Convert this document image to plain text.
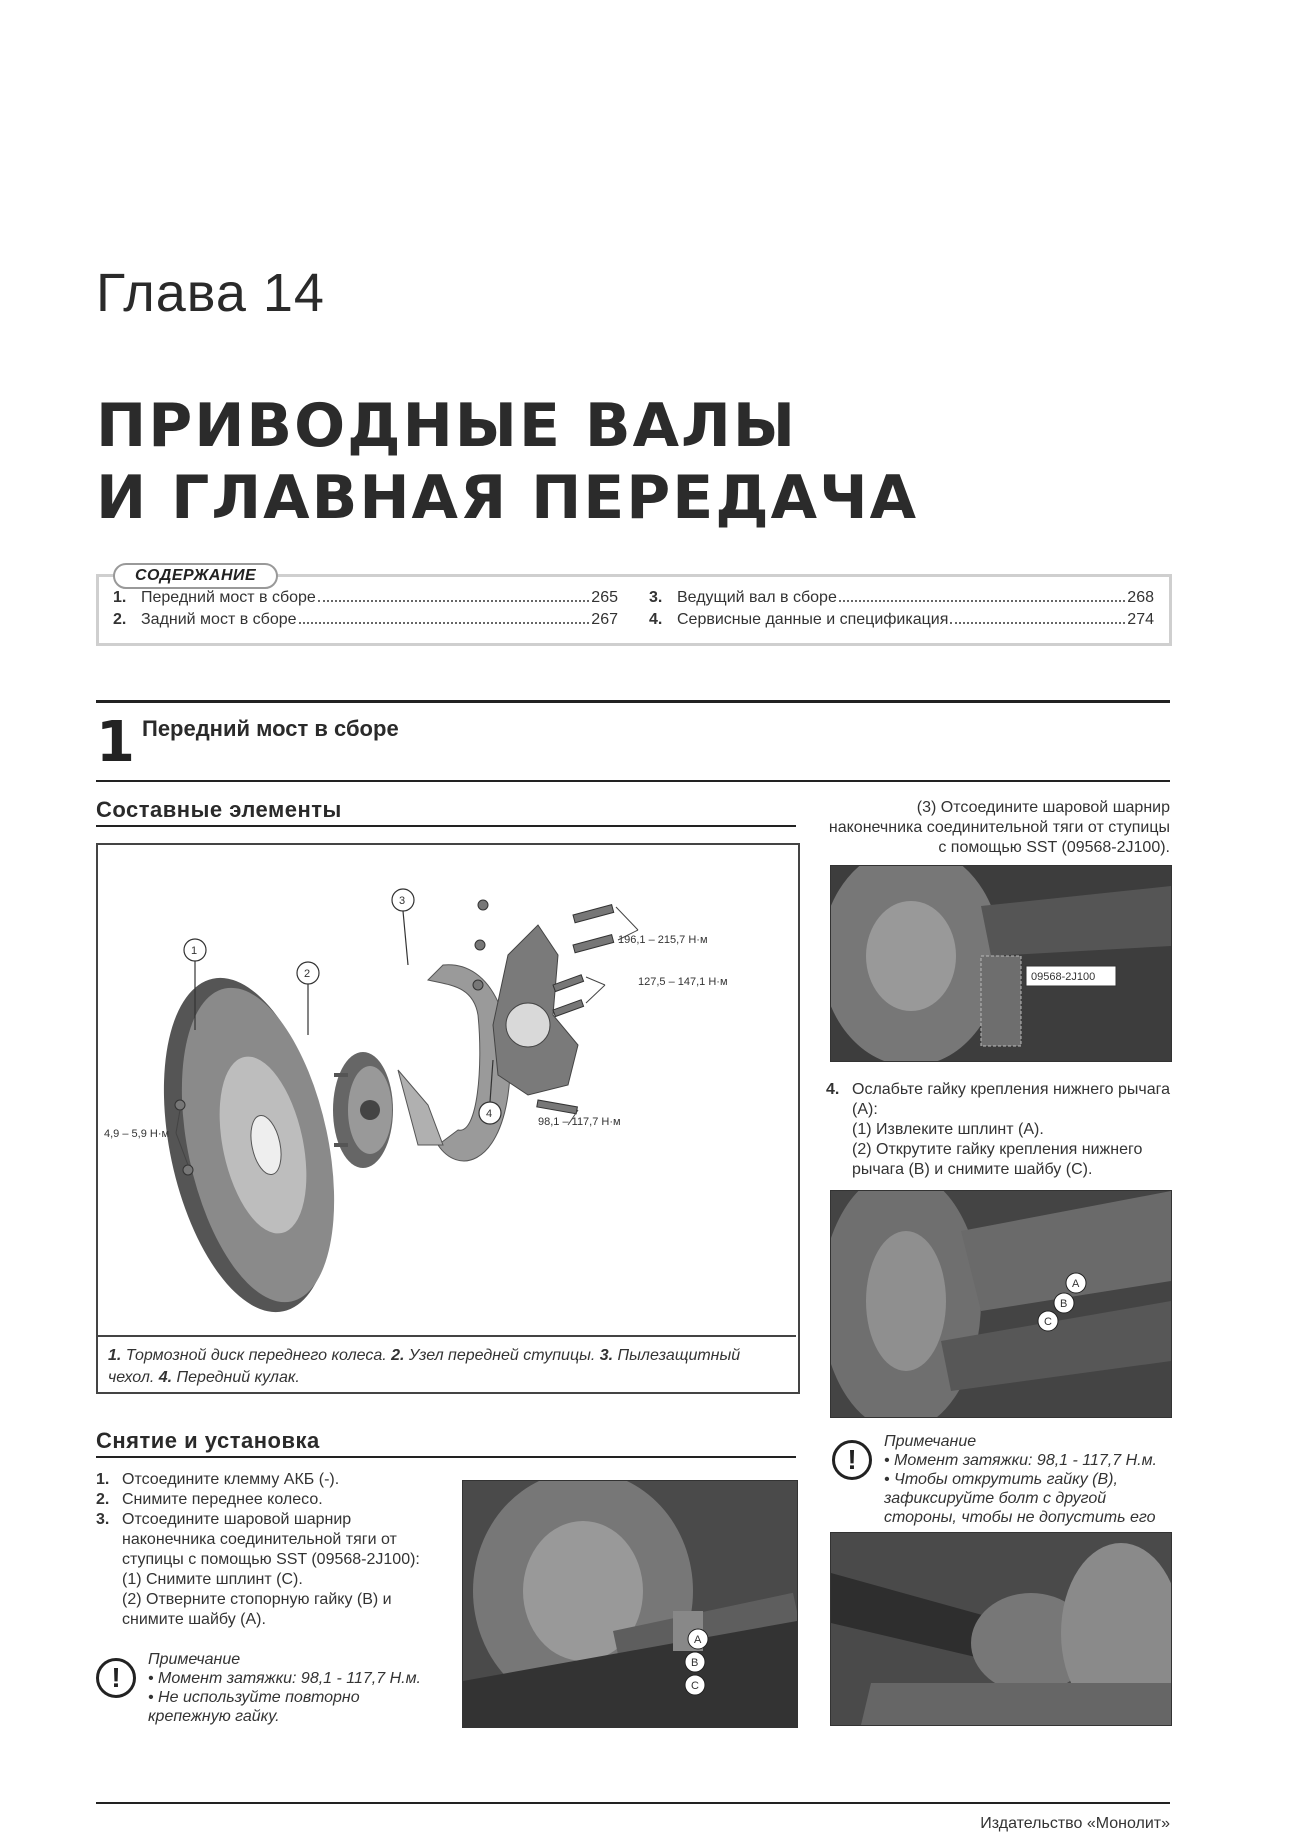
Глава 14
ПРИВОДНЫЕ ВАЛЫ
И ГЛАВНАЯ ПЕРЕДАЧА
СОДЕРЖАНИЕ
1. Передний мост в сборе	265
2. Задний мост в сборе	267
3. Ведущий вал в сборе	268
4. Сервисные данные и спецификация	274
1 Передний мост в сборе
Составные элементы
1
2
3
4
196,1 – 215,7 Н·м
127,5 – 147,1 Н·м
98,1 – 117,7 Н·м
4,9 – 5,9 Н·м
1. Тормозной диск переднего колеса. 2. Узел передней ступицы. 3. Пылезащитный чехол. 4. Передний кулак.
Снятие и установка
1. Отсоедините клемму АКБ (-).
2. Снимите переднее колесо.
3. Отсоедините шаровой шарнир наконечника соединительной тяги от ступицы с помощью SST (09568-2J100):
(1) Снимите шплинт (C).
(2) Отверните стопорную гайку (B) и снимите шайбу (A).
!
Примечание
• Момент затяжки: 98,1 - 117,7 Н.м.
• Не используйте повторно крепежную гайку.
A
B
C
(3) Отсоедините шаровой шарнир наконечника соединительной тяги от ступицы с помощью SST (09568-2J100).
09568-2J100
4. Ослабьте гайку крепления нижнего рычага (A):
(1) Извлеките шплинт (A).
(2) Открутите гайку крепления нижнего рычага (B) и снимите шайбу (C).
A
B
C
!
Примечание
• Момент затяжки: 98,1 - 117,7 Н.м.
• Чтобы открутить гайку (B), зафиксируйте болт с другой стороны, чтобы не допустить его
Издательство «Монолит»
